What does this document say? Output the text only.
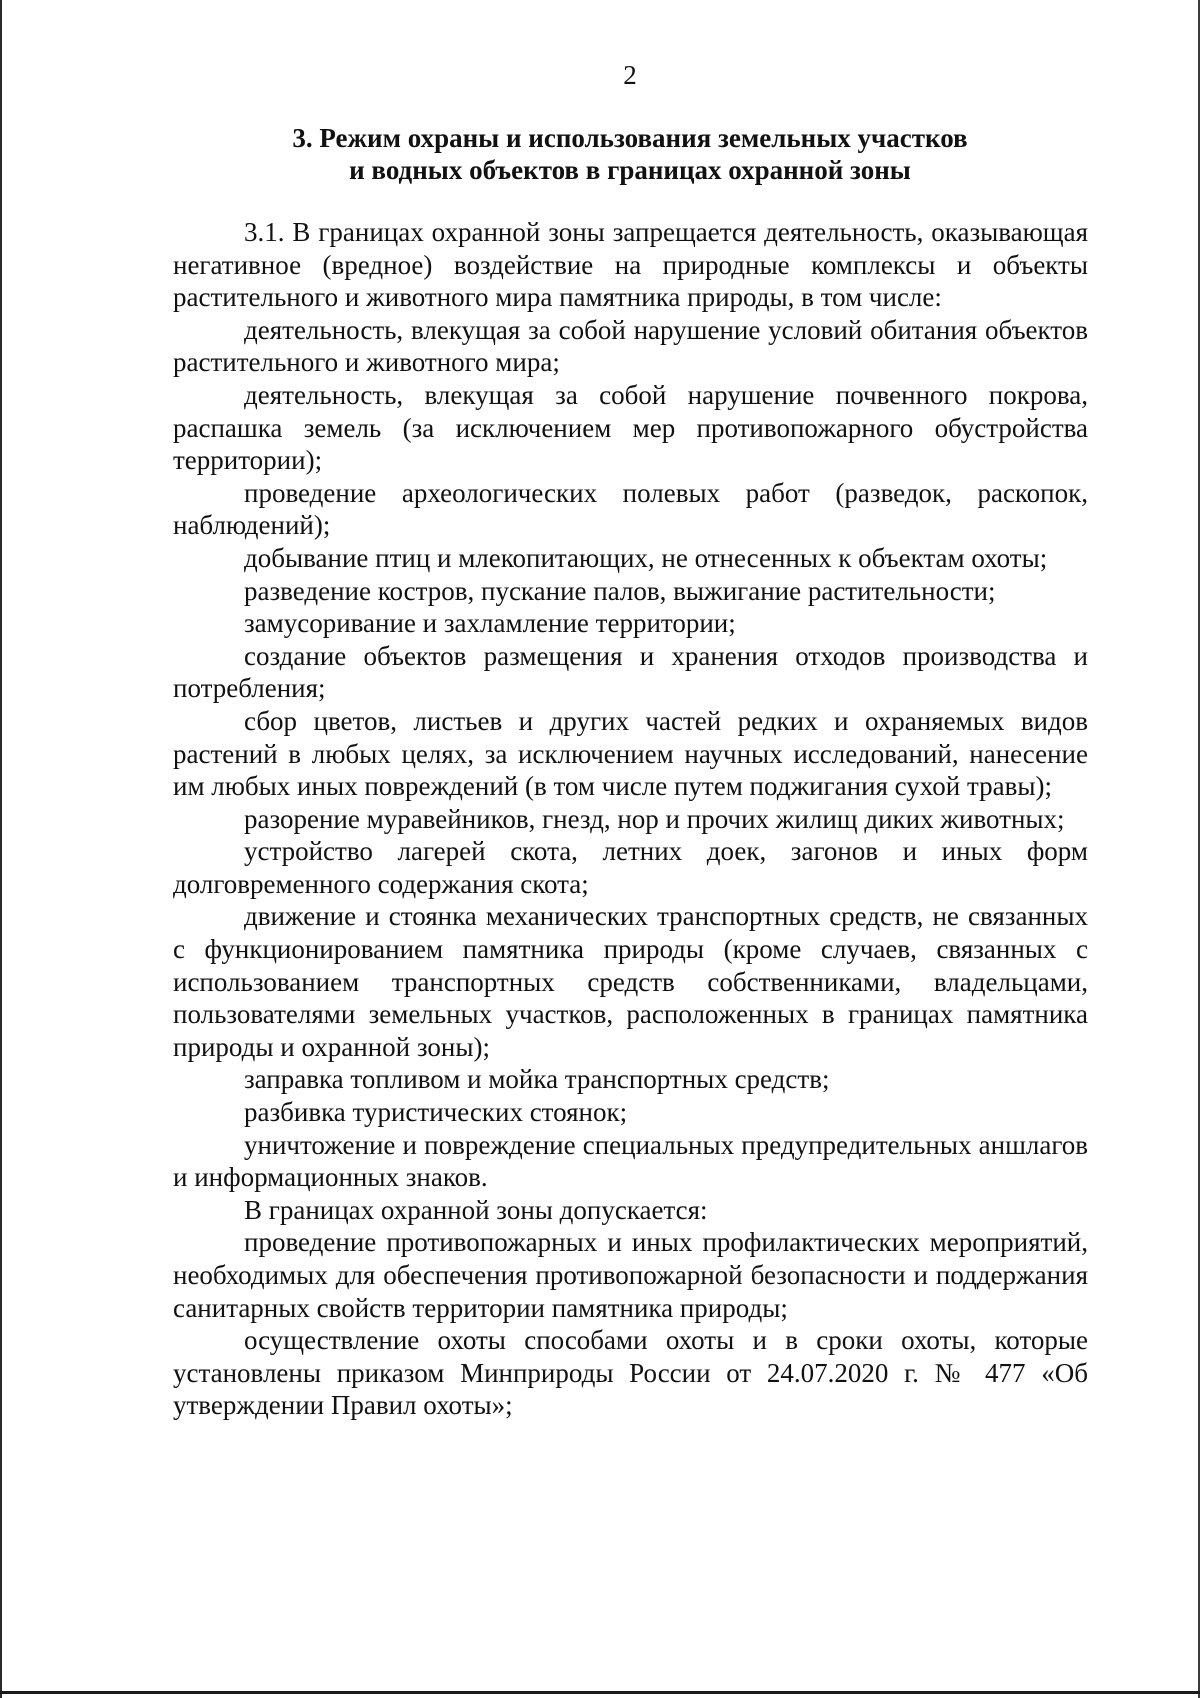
2
3. Режим охраны и использования земельных участков
и водных объектов в границах охранной зоны

3.1. В границах охранной зоны запрещается деятельность, оказывающая негативное (вредное) воздействие на природные комплексы и объекты растительного и животного мира памятника природы, в том числе:

деятельность, влекущая за собой нарушение условий обитания объектов растительного и животного мира;

деятельность, влекущая за собой нарушение почвенного покрова, распашка земель (за исключением мер противопожарного обустройства территории);

проведение археологических полевых работ (разведок, раскопок, наблюдений);

добывание птиц и млекопитающих, не отнесенных к объектам охоты;

разведение костров, пускание палов, выжигание растительности;

замусоривание и захламление территории;

создание объектов размещения и хранения отходов производства и потребления;

сбор цветов, листьев и других частей редких и охраняемых видов растений в любых целях, за исключением научных исследований, нанесение им любых иных повреждений (в том числе путем поджигания сухой травы);

разорение муравейников, гнезд, нор и прочих жилищ диких животных;

устройство лагерей скота, летних доек, загонов и иных форм долговременного содержания скота;

движение и стоянка механических транспортных средств, не связанных с функционированием памятника природы (кроме случаев, связанных с использованием транспортных средств собственниками, владельцами, пользователями земельных участков, расположенных в границах памятника природы и охранной зоны);

заправка топливом и мойка транспортных средств;

разбивка туристических стоянок;

уничтожение и повреждение специальных предупредительных аншлагов и информационных знаков.

В границах охранной зоны допускается:

проведение противопожарных и иных профилактических мероприятий, необходимых для обеспечения противопожарной безопасности и поддержания санитарных свойств территории памятника природы;

осуществление охоты способами охоты и в сроки охоты, которые установлены приказом Минприроды России от 24.07.2020 г. № 477 «Об утверждении Правил охоты»;
